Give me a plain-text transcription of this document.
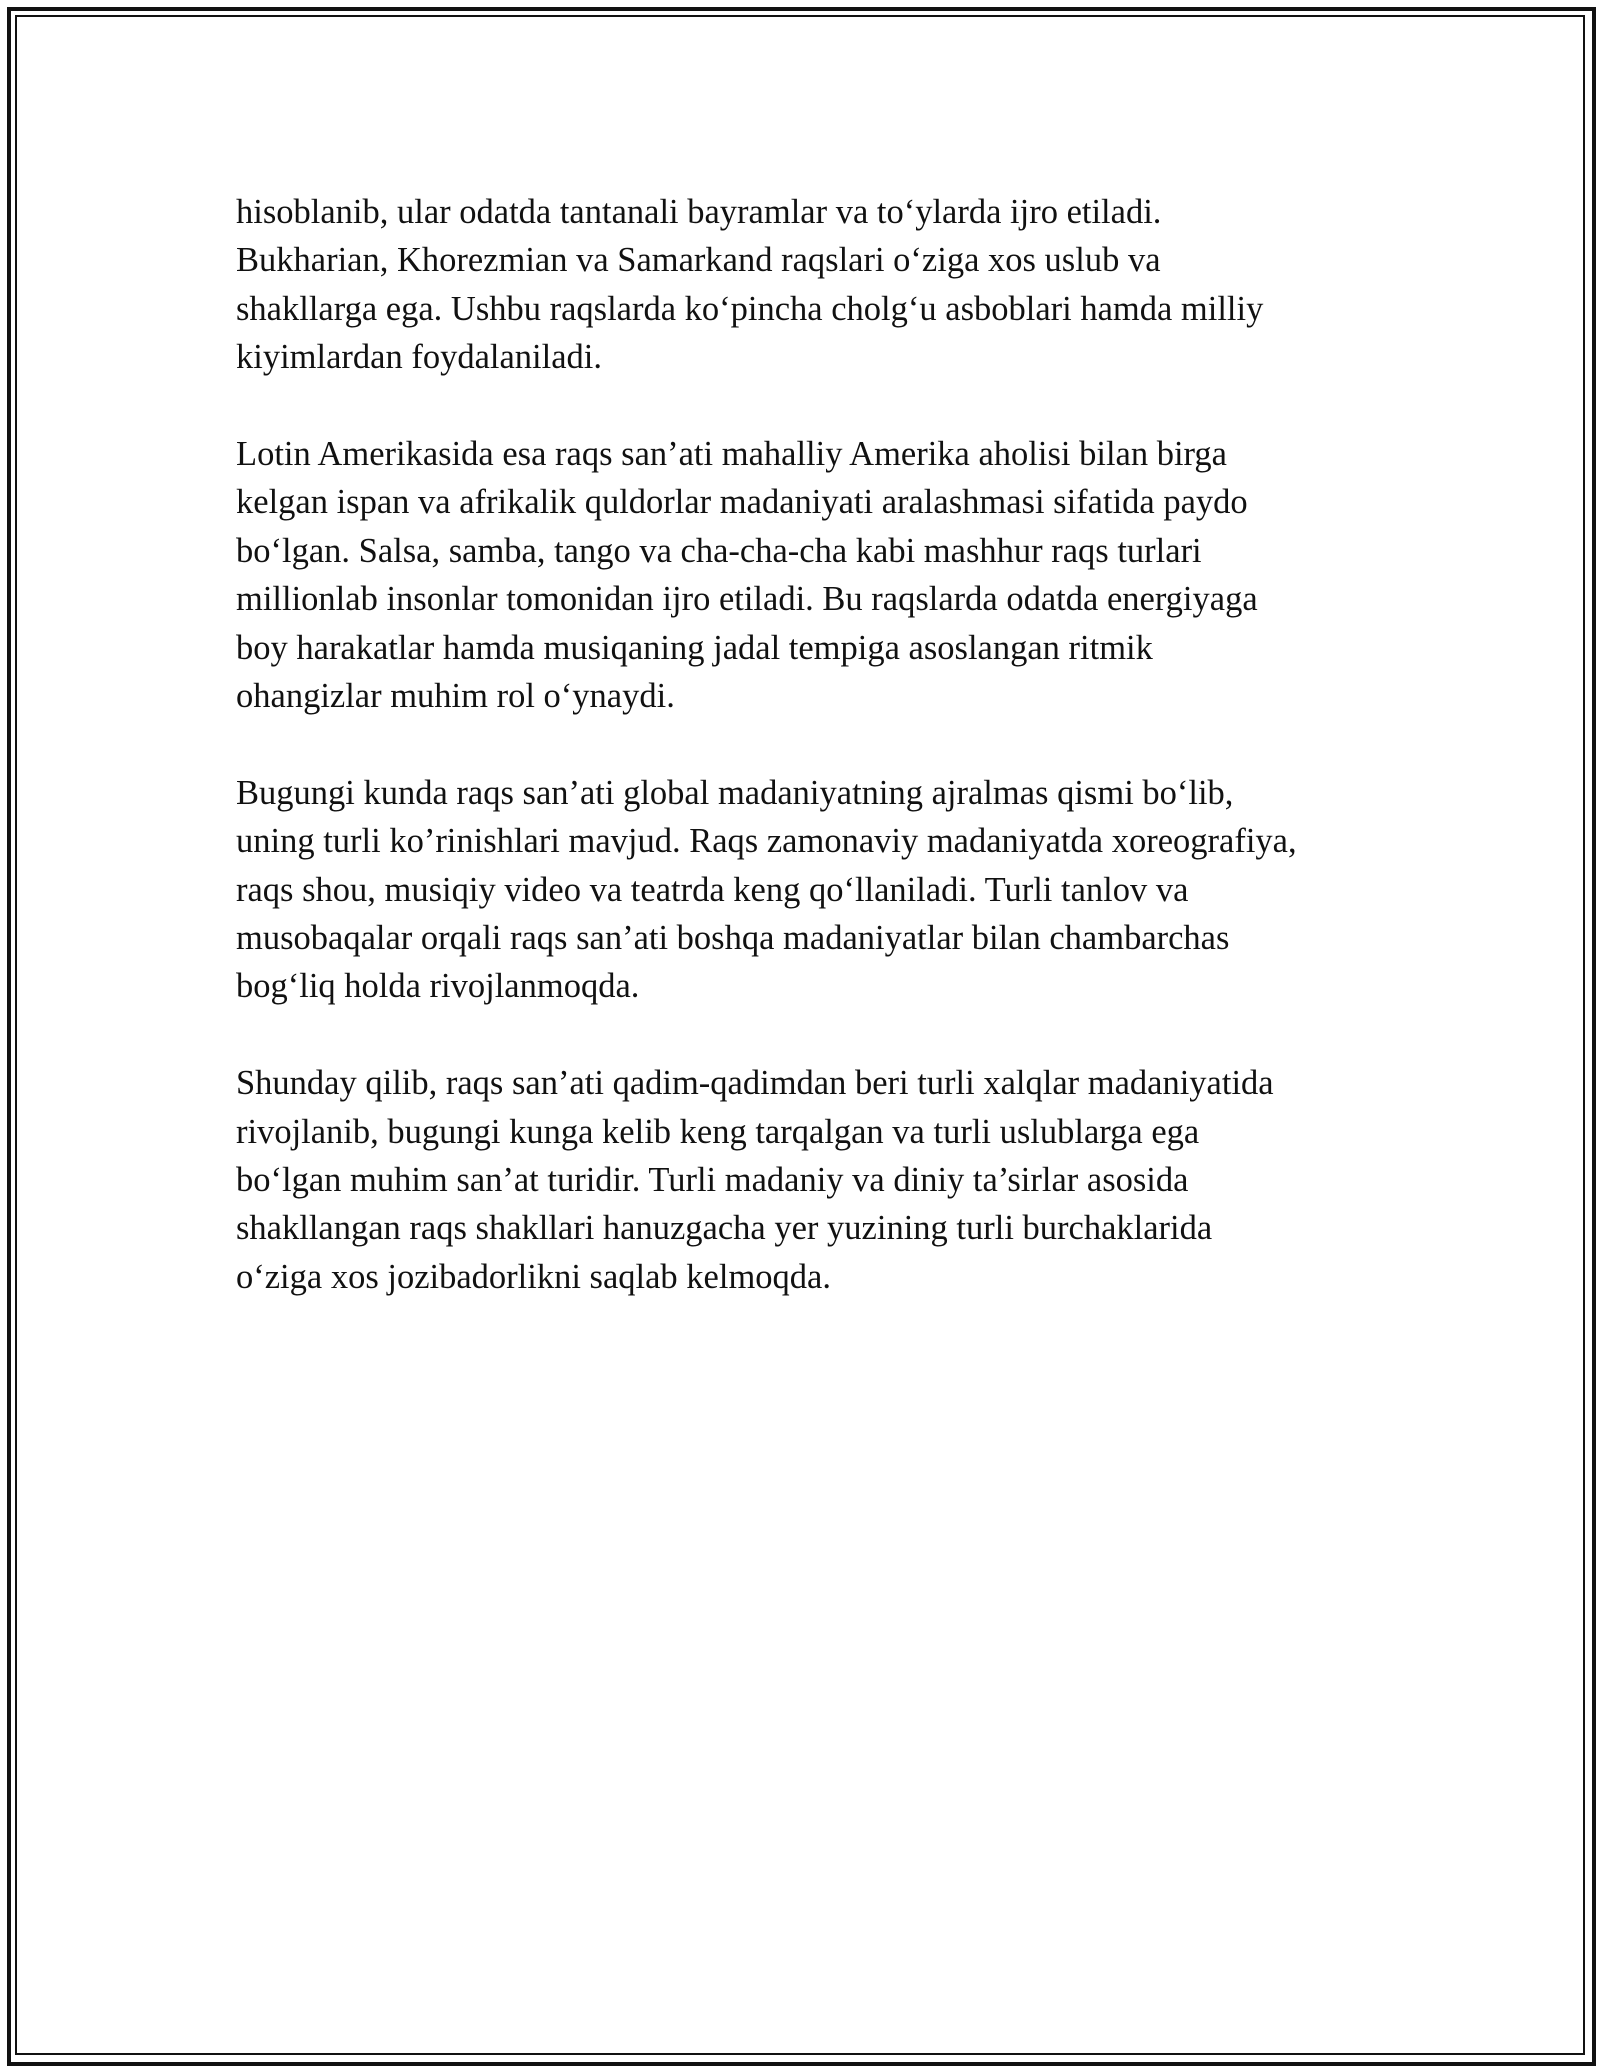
hisoblanib, ular odatda tantanali bayramlar va to‘ylarda ijro etiladi.
Bukharian, Khorezmian va Samarkand raqslari o‘ziga xos uslub va
shakllarga ega. Ushbu raqslarda ko‘pincha cholg‘u asboblari hamda milliy
kiyimlardan foydalaniladi.

Lotin Amerikasida esa raqs san’ati mahalliy Amerika aholisi bilan birga
kelgan ispan va afrikalik quldorlar madaniyati aralashmasi sifatida paydo
bo‘lgan. Salsa, samba, tango va cha-cha-cha kabi mashhur raqs turlari
millionlab insonlar tomonidan ijro etiladi. Bu raqslarda odatda energiyaga
boy harakatlar hamda musiqaning jadal tempiga asoslangan ritmik
ohangizlar muhim rol o‘ynaydi.

Bugungi kunda raqs san’ati global madaniyatning ajralmas qismi bo‘lib,
uning turli ko’rinishlari mavjud. Raqs zamonaviy madaniyatda xoreografiya,
raqs shou, musiqiy video va teatrda keng qo‘llaniladi. Turli tanlov va
musobaqalar orqali raqs san’ati boshqa madaniyatlar bilan chambarchas
bog‘liq holda rivojlanmoqda.

Shunday qilib, raqs san’ati qadim-qadimdan beri turli xalqlar madaniyatida
rivojlanib, bugungi kunga kelib keng tarqalgan va turli uslublarga ega
bo‘lgan muhim san’at turidir. Turli madaniy va diniy ta’sirlar asosida
shakllangan raqs shakllari hanuzgacha yer yuzining turli burchaklarida
o‘ziga xos jozibadorlikni saqlab kelmoqda.
